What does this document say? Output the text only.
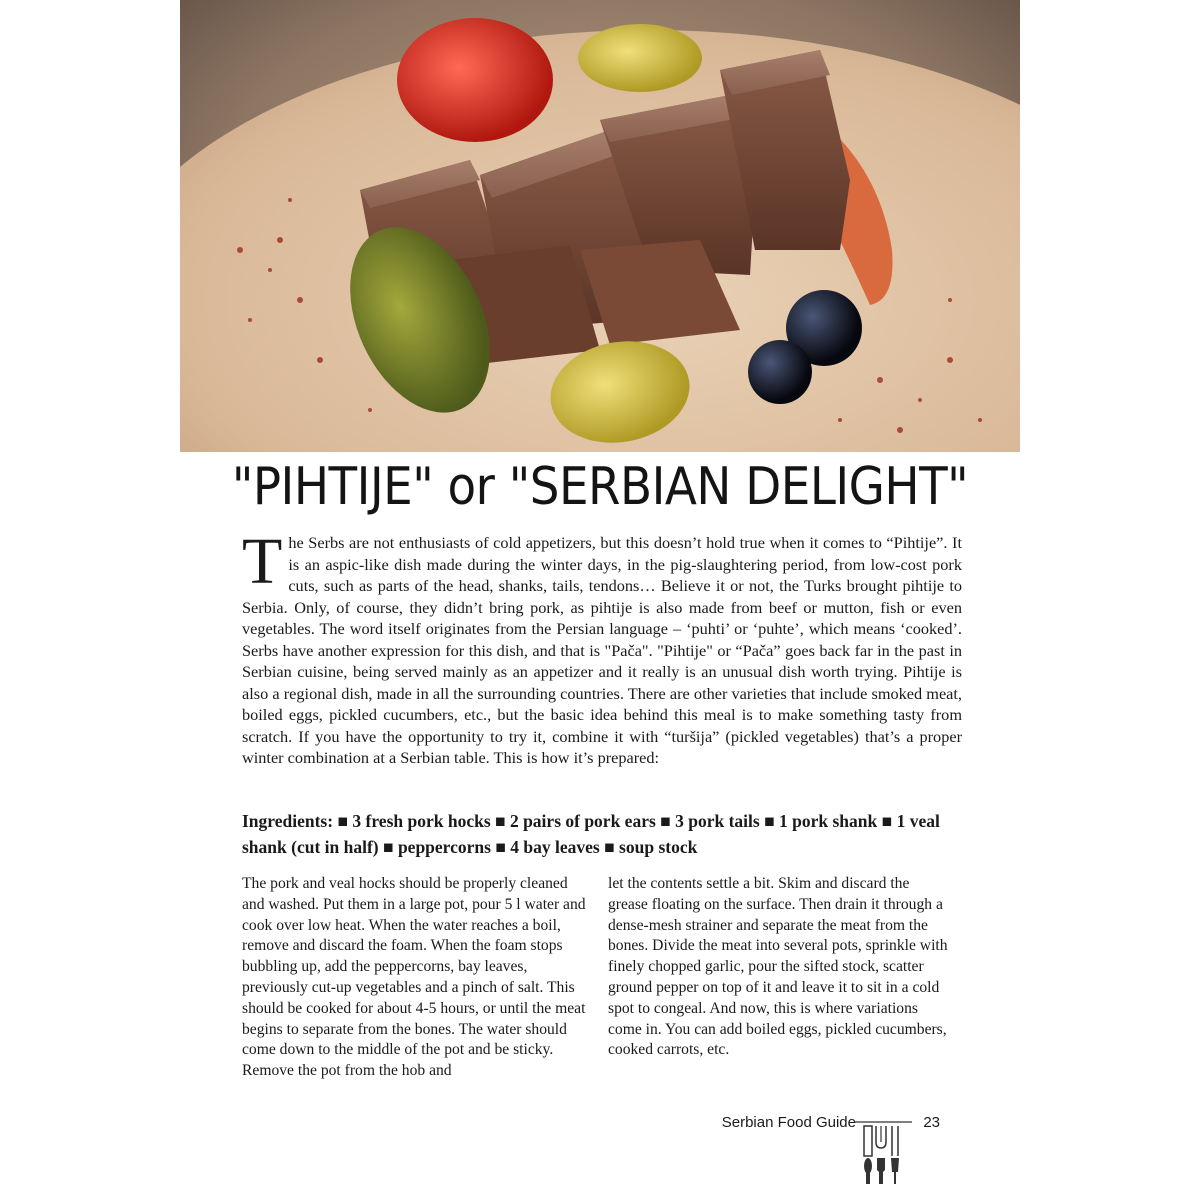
"PIHTIJE" or "SERBIAN DELIGHT"
The Serbs are not enthusiasts of cold appetizers, but this doesn’t hold true when it comes to “Pihtije”. It is an aspic-like dish made during the winter days, in the pig-slaughtering period, from low-cost pork cuts, such as parts of the head, shanks, tails, tendons… Believe it or not, the Turks brought pihtije to Serbia. Only, of course, they didn’t bring pork, as pihtije is also made from beef or mutton, fish or even vegetables. The word itself originates from the Persian language – ‘puhti’ or ‘puhte’, which means ‘cooked’. Serbs have another expression for this dish, and that is "Pača". "Pihtije" or “Pača” goes back far in the past in Serbian cuisine, being served mainly as an appetizer and it really is an unusual dish worth trying. Pihtije is also a regional dish, made in all the surrounding countries. There are other varieties that include smoked meat, boiled eggs, pickled cucumbers, etc., but the basic idea behind this meal is to make something tasty from scratch. If you have the opportunity to try it, combine it with “turšija” (pickled vegetables) that’s a proper winter combination at a Serbian table. This is how it’s prepared:
Ingredients: ■ 3 fresh pork hocks ■ 2 pairs of pork ears ■ 3 pork tails ■ 1 pork shank ■ 1 veal shank (cut in half) ■ peppercorns ■ 4 bay leaves ■ soup stock
The pork and veal hocks should be properly cleaned and washed. Put them in a large pot, pour 5 l water and cook over low heat. When the water reaches a boil, remove and discard the foam. When the foam stops bubbling up, add the peppercorns, bay leaves, previously cut-up vegetables and a pinch of salt. This should be cooked for about 4-5 hours, or until the meat begins to separate from the bones. The water should come down to the middle of the pot and be sticky. Remove the pot from the hob and
let the contents settle a bit. Skim and discard the grease floating on the surface. Then drain it through a dense-mesh strainer and separate the meat from the bones. Divide the meat into several pots, sprinkle with finely chopped garlic, pour the sifted stock, scatter ground pepper on top of it and leave it to sit in a cold spot to congeal. And now, this is where variations come in. You can add boiled eggs, pickled cucumbers, cooked carrots, etc.
Serbian Food Guide	23
